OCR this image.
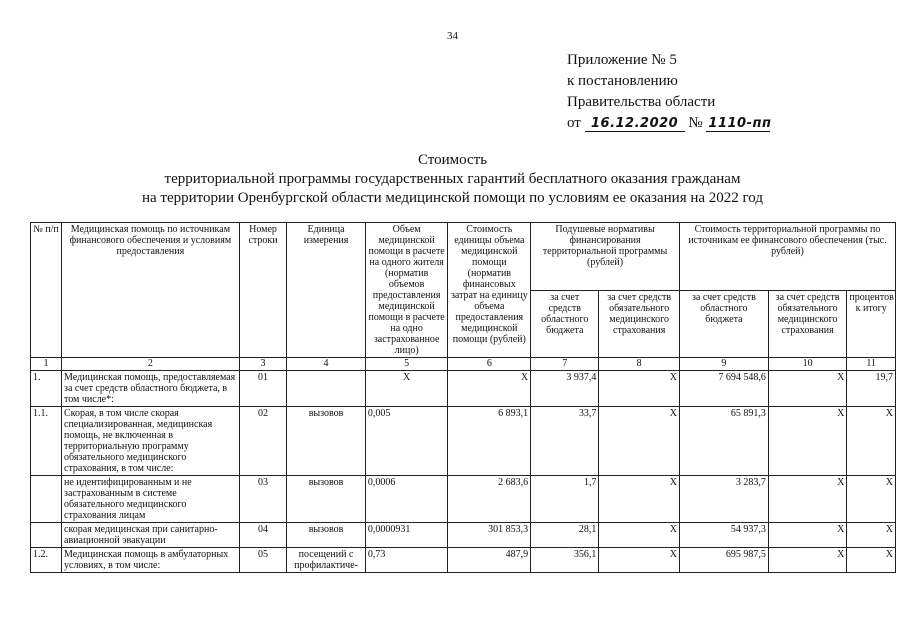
34
Приложение № 5
к постановлению
Правительства области
от 16.12.2020 № 1110-пп
Стоимость
территориальной программы государственных гарантий бесплатного оказания гражданам
на территории Оренбургской области медицинской помощи по условиям ее оказания на 2022 год
№ п/п	Медицинская помощь по источникам финансового обеспечения и условиям предоставления	Номер строки	Единица измерения	Объем медицинской помощи в расчете на одного жителя (норматив объемов предоставления медицинской помощи в расчете на одно застрахованное лицо)	Стоимость единицы объема медицинской помощи (норматив финансовых затрат на единицу объема предоставления медицинской помощи (рублей)	Подушевые нормативы финансирования территориальной программы (рублей)		Стоимость территориальной программы по источникам ее финансового обеспечения (тыс. рублей)		
						за счет средств областного бюджета	за счет средств обязательного медицинского страхования	за счет средств областного бюджета	за счет средств обязательного медицинского страхования	процентов к итогу
1	2	3	4	5	6	7	8	9	10	11
1.	Медицинская помощь, предоставляемая за счет средств областного бюджета, в том числе*:	01		X	X	3 937,4	X	7 694 548,6	X	19,7
1.1.	Скорая, в том числе скорая специализированная, медицинская помощь, не включенная в территориальную программу обязательного медицинского страхования, в том числе:	02	вызовов	0,005	6 893,1	33,7	X	65 891,3	X	X
	не идентифицированным и не застрахованным в системе обязательного медицинского страхования лицам	03	вызовов	0,0006	2 683,6	1,7	X	3 283,7	X	X
	скорая медицинская при санитарно-авиационной эвакуации	04	вызовов	0,0000931	301 853,3	28,1	X	54 937,3	X	X
1.2.	Медицинская помощь в амбулаторных условиях, в том числе:	05	посещений с профилактиче-	0,73	487,9	356,1	X	695 987,5	X	X
